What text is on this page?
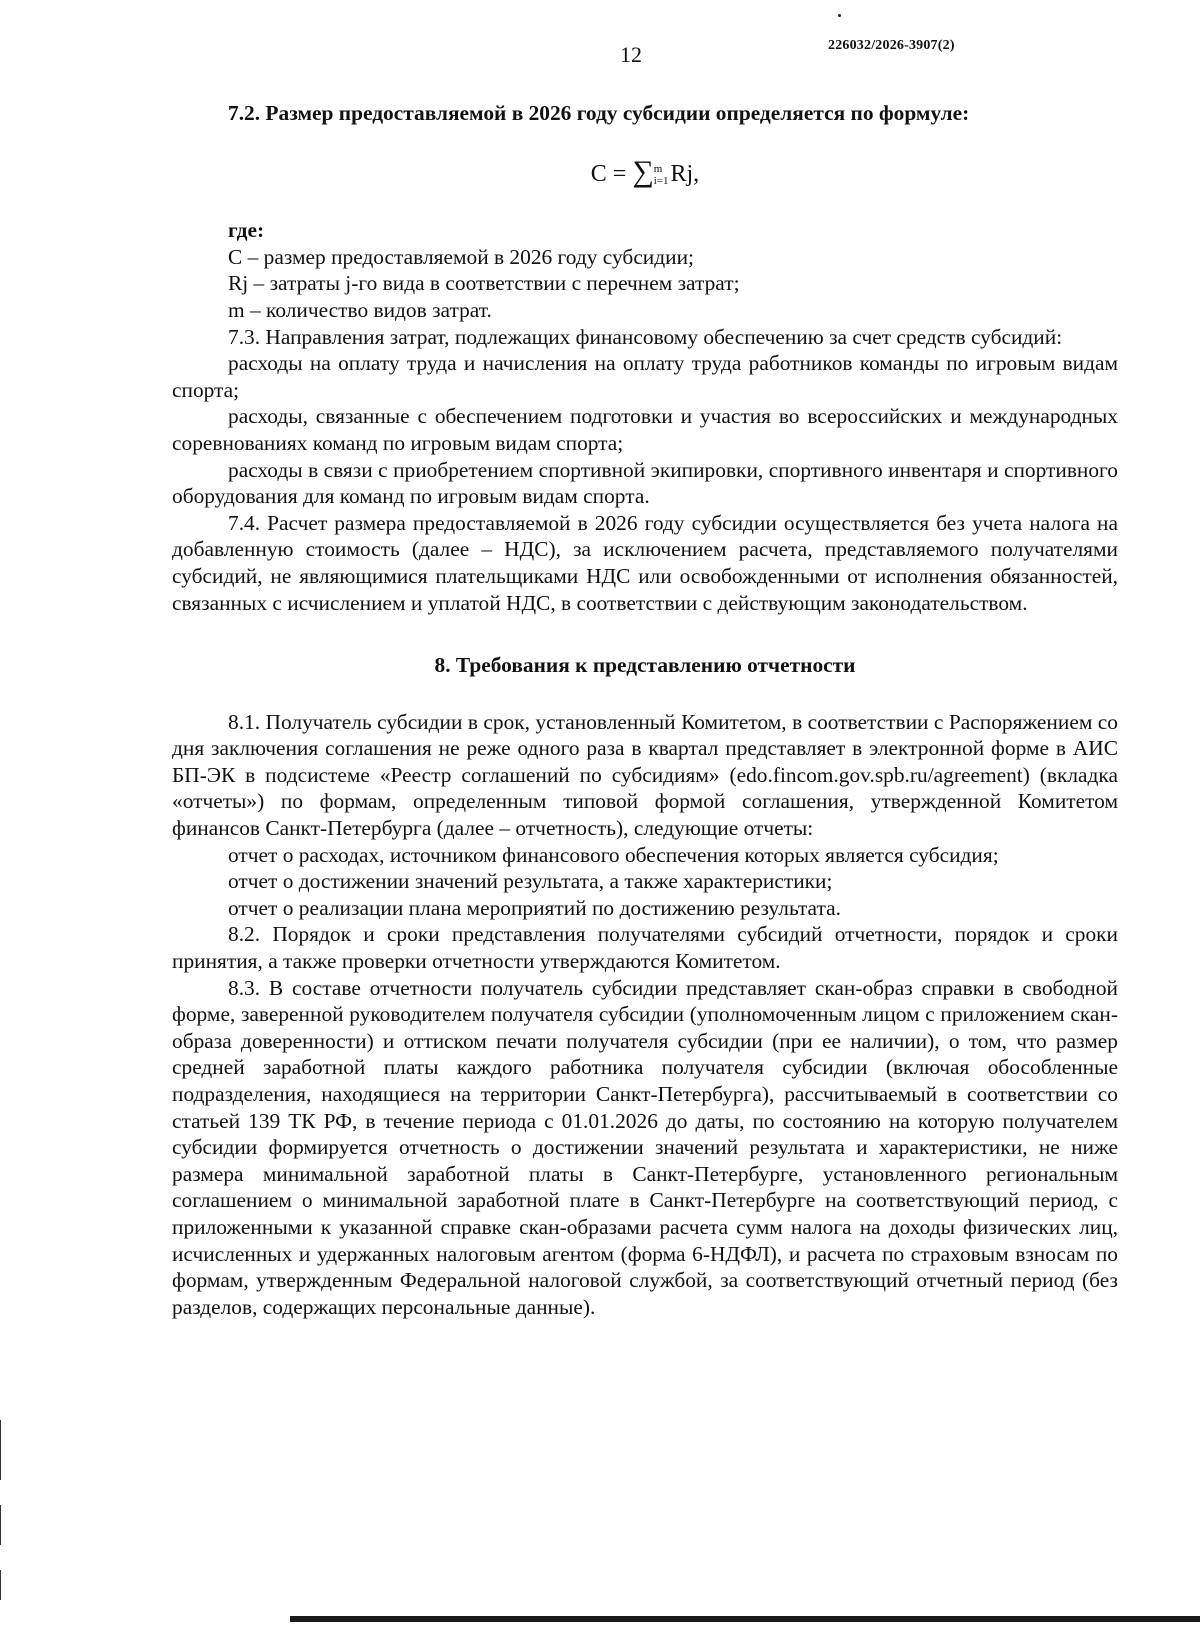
12	226032/2026-3907(2)

7.2. Размер предоставляемой в 2026 году субсидии определяется по формуле:

C = ∑m
i=1Rj,

где:

C – размер предоставляемой в 2026 году субсидии;

Rj – затраты j-го вида в соответствии с перечнем затрат;

m – количество видов затрат.

7.3. Направления затрат, подлежащих финансовому обеспечению за счет средств субсидий:

расходы на оплату труда и начисления на оплату труда работников команды по игровым видам спорта;

расходы, связанные с обеспечением подготовки и участия во всероссийских и международных соревнованиях команд по игровым видам спорта;

расходы в связи с приобретением спортивной экипировки, спортивного инвентаря и спортивного оборудования для команд по игровым видам спорта.

7.4. Расчет размера предоставляемой в 2026 году субсидии осуществляется без учета налога на добавленную стоимость (далее – НДС), за исключением расчета, представляемого получателями субсидий, не являющимися плательщиками НДС или освобожденными от исполнения обязанностей, связанных с исчислением и уплатой НДС, в соответствии с действующим законодательством.

8. Требования к представлению отчетности

8.1. Получатель субсидии в срок, установленный Комитетом, в соответствии с Распоряжением со дня заключения соглашения не реже одного раза в квартал представляет в электронной форме в АИС БП-ЭК в подсистеме «Реестр соглашений по субсидиям» (edo.fincom.gov.spb.ru/agreement) (вкладка «отчеты») по формам, определенным типовой формой соглашения, утвержденной Комитетом финансов Санкт-Петербурга (далее – отчетность), следующие отчеты:

отчет о расходах, источником финансового обеспечения которых является субсидия;

отчет о достижении значений результата, а также характеристики;

отчет о реализации плана мероприятий по достижению результата.

8.2. Порядок и сроки представления получателями субсидий отчетности, порядок и сроки принятия, а также проверки отчетности утверждаются Комитетом.

8.3. В составе отчетности получатель субсидии представляет скан-образ справки в свободной форме, заверенной руководителем получателя субсидии (уполномоченным лицом с приложением скан-образа доверенности) и оттиском печати получателя субсидии (при ее наличии), о том, что размер средней заработной платы каждого работника получателя субсидии (включая обособленные подразделения, находящиеся на территории Санкт-Петербурга), рассчитываемый в соответствии со статьей 139 ТК РФ, в течение периода с 01.01.2026 до даты, по состоянию на которую получателем субсидии формируется отчетность о достижении значений результата и характеристики, не ниже размера минимальной заработной платы в Санкт-Петербурге, установленного региональным соглашением о минимальной заработной плате в Санкт-Петербурге на соответствующий период, с приложенными к указанной справке скан-образами расчета сумм налога на доходы физических лиц, исчисленных и удержанных налоговым агентом (форма 6-НДФЛ), и расчета по страховым взносам по формам, утвержденным Федеральной налоговой службой, за соответствующий отчетный период (без разделов, содержащих персональные данные).
